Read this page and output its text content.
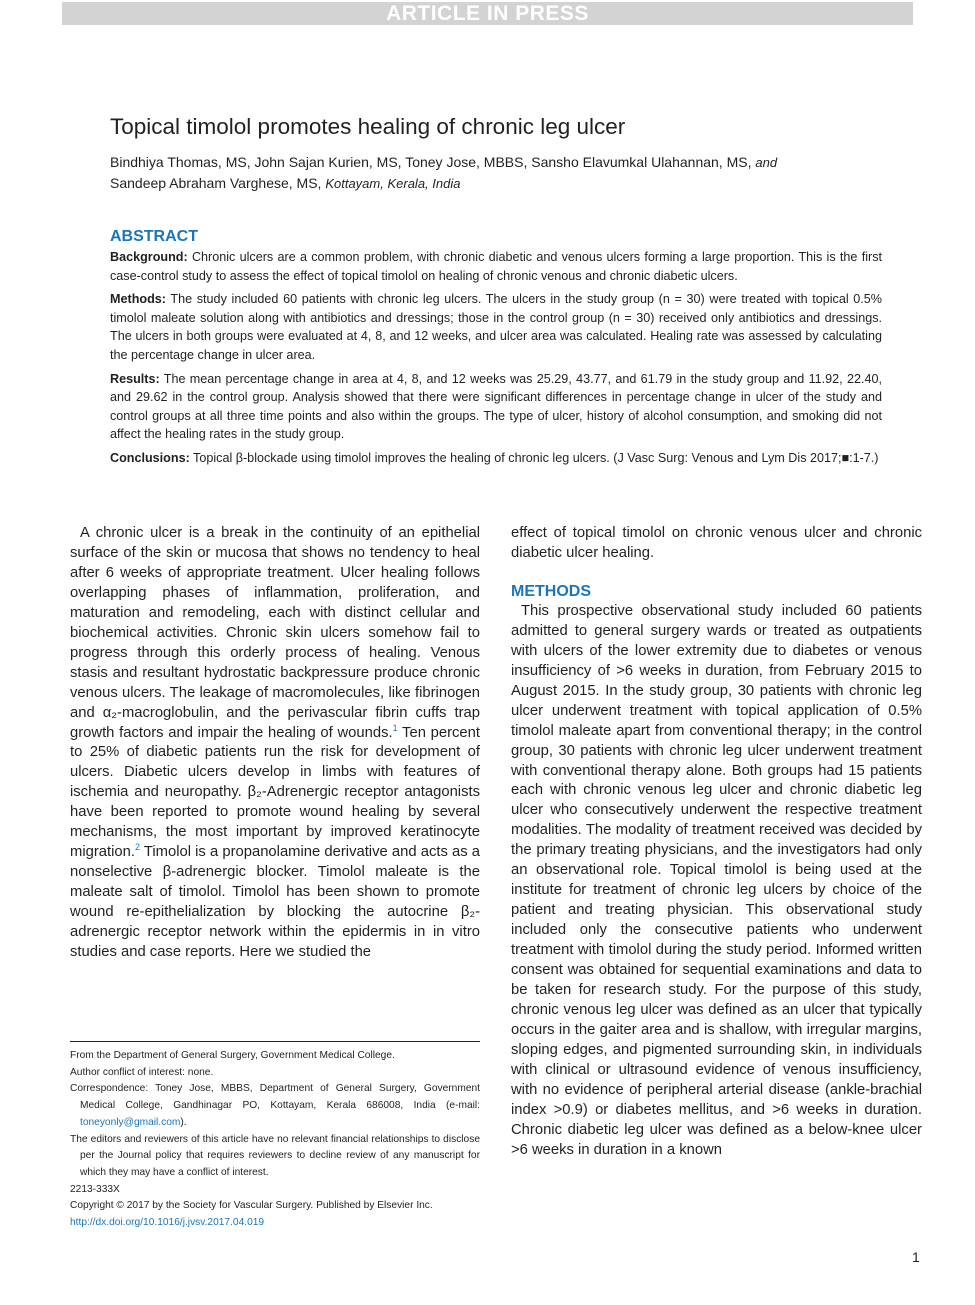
ARTICLE IN PRESS
Topical timolol promotes healing of chronic leg ulcer
Bindhiya Thomas, MS, John Sajan Kurien, MS, Toney Jose, MBBS, Sansho Elavumkal Ulahannan, MS, and
Sandeep Abraham Varghese, MS, Kottayam, Kerala, India
ABSTRACT

Background: Chronic ulcers are a common problem, with chronic diabetic and venous ulcers forming a large proportion. This is the first case-control study to assess the effect of topical timolol on healing of chronic venous and chronic diabetic ulcers.

Methods: The study included 60 patients with chronic leg ulcers. The ulcers in the study group (n = 30) were treated with topical 0.5% timolol maleate solution along with antibiotics and dressings; those in the control group (n = 30) received only antibiotics and dressings. The ulcers in both groups were evaluated at 4, 8, and 12 weeks, and ulcer area was calculated. Healing rate was assessed by calculating the percentage change in ulcer area.

Results: The mean percentage change in area at 4, 8, and 12 weeks was 25.29, 43.77, and 61.79 in the study group and 11.92, 22.40, and 29.62 in the control group. Analysis showed that there were significant differences in percentage change in ulcer of the study and control groups at all three time points and also within the groups. The type of ulcer, history of alcohol consumption, and smoking did not affect the healing rates in the study group.

Conclusions: Topical β-blockade using timolol improves the healing of chronic leg ulcers. (J Vasc Surg: Venous and Lym Dis 2017;■:1-7.)

A chronic ulcer is a break in the continuity of an epithelial surface of the skin or mucosa that shows no tendency to heal after 6 weeks of appropriate treatment. Ulcer healing follows overlapping phases of inflammation, proliferation, and maturation and remodeling, each with distinct cellular and biochemical activities. Chronic skin ulcers somehow fail to progress through this orderly process of healing. Venous stasis and resultant hydrostatic backpressure produce chronic venous ulcers. The leakage of macromolecules, like fibrinogen and α₂-macroglobulin, and the perivascular fibrin cuffs trap growth factors and impair the healing of wounds.$^1$ Ten percent to 25% of diabetic patients run the risk for development of ulcers. Diabetic ulcers develop in limbs with features of ischemia and neuropathy. β₂-Adrenergic receptor antagonists have been reported to promote wound healing by several mechanisms, the most important by improved keratinocyte migration.$^2$ Timolol is a propanolamine derivative and acts as a nonselective β-adrenergic blocker. Timolol maleate is the maleate salt of timolol. Timolol has been shown to promote wound re-epithelialization by blocking the autocrine β₂-adrenergic receptor network within the epidermis in in vitro studies and case reports. Here we studied the

effect of topical timolol on chronic venous ulcer and chronic diabetic ulcer healing.

METHODS

This prospective observational study included 60 patients admitted to general surgery wards or treated as outpatients with ulcers of the lower extremity due to diabetes or venous insufficiency of >6 weeks in duration, from February 2015 to August 2015. In the study group, 30 patients with chronic leg ulcer underwent treatment with topical application of 0.5% timolol maleate apart from conventional therapy; in the control group, 30 patients with chronic leg ulcer underwent treatment with conventional therapy alone. Both groups had 15 patients each with chronic venous leg ulcer and chronic diabetic leg ulcer who consecutively underwent the respective treatment modalities. The modality of treatment received was decided by the primary treating physicians, and the investigators had only an observational role. Topical timolol is being used at the institute for treatment of chronic leg ulcers by choice of the patient and treating physician. This observational study included only the consecutive patients who underwent treatment with timolol during the study period. Informed written consent was obtained for sequential examinations and data to be taken for research study. For the purpose of this study, chronic venous leg ulcer was defined as an ulcer that typically occurs in the gaiter area and is shallow, with irregular margins, sloping edges, and pigmented surrounding skin, in individuals with clinical or ultrasound evidence of venous insufficiency, with no evidence of peripheral arterial disease (ankle-brachial index >0.9) or diabetes mellitus, and >6 weeks in duration. Chronic diabetic leg ulcer was defined as a below-knee ulcer >6 weeks in duration in a known

From the Department of General Surgery, Government Medical College.

Author conflict of interest: none.

Correspondence: Toney Jose, MBBS, Department of General Surgery, Government Medical College, Gandhinagar PO, Kottayam, Kerala 686008, India (e-mail: toneyonly@gmail.com).

The editors and reviewers of this article have no relevant financial relationships to disclose per the Journal policy that requires reviewers to decline review of any manuscript for which they may have a conflict of interest.

2213-333X

Copyright © 2017 by the Society for Vascular Surgery. Published by Elsevier Inc.

http://dx.doi.org/10.1016/j.jvsv.2017.04.019

1
